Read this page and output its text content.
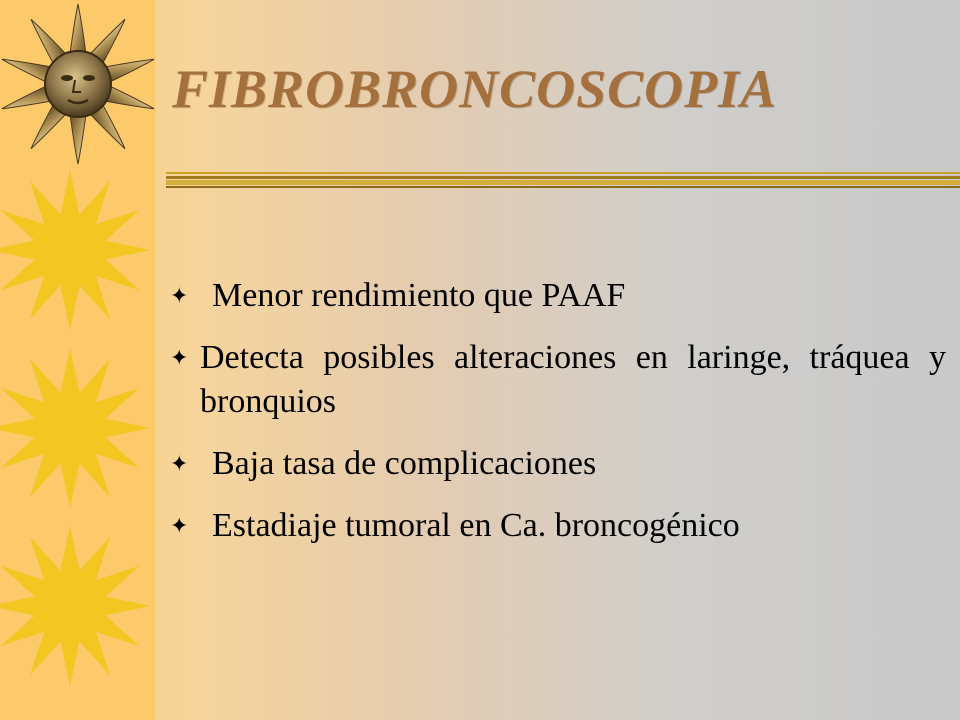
FIBROBRONCOSCOPIA
✦ Menor rendimiento que PAAF
✦ Detecta posibles alteraciones en laringe, tráquea y bronquios
✦ Baja tasa de complicaciones
✦ Estadiaje tumoral en Ca. broncogénico
